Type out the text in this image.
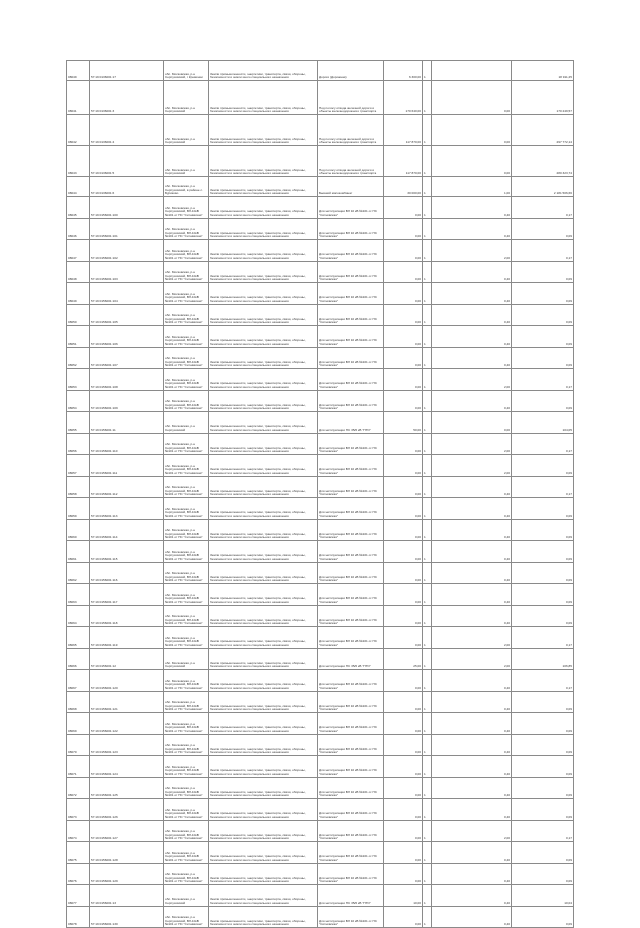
08049	57:19:0136001:17	обл. Московская, р-н Серпуховский, г Кремёнки	Земли промышленности, энергетики, транспорта, связи, обороны, безопасности и земли иного специального назначения	Дороги (Дорожная)	6 300,00	1		18 911,25
08041	57:19:0136001:3	обл. Московская, р-н Серпуховский	Земли промышленности, энергетики, транспорта, связи, обороны, безопасности и земли иного специального назначения	Под полосу отвода железной дороги и объекты железнодорожного транспорта	170 640,00	1	0,00	170 249,57
08042	57:19:0136001:4	обл. Московская, р-н Серпуховский	Земли промышленности, энергетики, транспорта, связи, обороны, безопасности и земли иного специального назначения	Под полосу отвода железной дороги и объекты железнодорожного транспорта	117 870,00	1	0,00	297 772,14
08043	57:19:0136001:5	обл. Московская, р-н Серпуховский	Земли промышленности, энергетики, транспорта, связи, обороны, безопасности и земли иного специального назначения	Под полосу отвода железной дороги и объекты железнодорожного транспорта	117 870,00	1	0,00	280 323,74
08044	57:19:0136001:6	обл. Московская, р-н Серпуховский, в районе с. Буриково	Земли промышленности, энергетики, транспорта, связи, обороны, безопасности и земли иного специального назначения	Бывший мясокомбинат	30 000,00	1	1,00	2 181 506,66
08045	57:19:0156001:100	обл. Московская, р-н Серпуховский, ВЛ-10кВ №101 от ПС "Ситнёвская"	Земли промышленности, энергетики, транспорта, связи, обороны, безопасности и земли иного специального назначения	Для эксплуатации ВЛ 10 кВ №101 от ПС "Ситнёвская"	0,00	1	0,40	0,17
08046	57:19:0156001:101	обл. Московская, р-н Серпуховский, ВЛ-10кВ №101 от ПС "Ситнёвская"	Земли промышленности, энергетики, транспорта, связи, обороны, безопасности и земли иного специального назначения	Для эксплуатации ВЛ 10 кВ №101 от ПС "Ситнёвская"	0,00	1	0,40	0,09
08047	57:19:0156001:102	обл. Московская, р-н Серпуховский, ВЛ-10кВ №101 от ПС "Ситнёвская"	Земли промышленности, энергетики, транспорта, связи, обороны, безопасности и земли иного специального назначения	Для эксплуатации ВЛ 10 кВ №101 от ПС "Ситнёвская"	0,00	1	2,00	0,17
08048	57:19:0156001:103	обл. Московская, р-н Серпуховский, ВЛ-10кВ №101 от ПС "Ситнёвская"	Земли промышленности, энергетики, транспорта, связи, обороны, безопасности и земли иного специального назначения	Для эксплуатации ВЛ 10 кВ №101 от ПС "Ситнёвская"	0,00	1	0,40	0,09
08049	57:19:0156001:104	обл. Московская, р-н Серпуховский, ВЛ-10кВ №101 от ПС "Ситнёвская"	Земли промышленности, энергетики, транспорта, связи, обороны, безопасности и земли иного специального назначения	Для эксплуатации ВЛ 10 кВ №101 от ПС "Ситнёвская"	0,00	1	0,40	0,09
08050	57:19:0156001:105	обл. Московская, р-н Серпуховский, ВЛ-10кВ №101 от ПС "Ситнёвская"	Земли промышленности, энергетики, транспорта, связи, обороны, безопасности и земли иного специального назначения	Для эксплуатации ВЛ 10 кВ №101 от ПС "Ситнёвская"	0,00	1	0,40	0,09
08051	57:19:0156001:106	обл. Московская, р-н Серпуховский, ВЛ-10кВ №101 от ПС "Ситнёвская"	Земли промышленности, энергетики, транспорта, связи, обороны, безопасности и земли иного специального назначения	Для эксплуатации ВЛ 10 кВ №101 от ПС "Ситнёвская"	0,00	1	0,40	0,09
08052	57:19:0156001:107	обл. Московская, р-н Серпуховский, ВЛ-10кВ №101 от ПС "Ситнёвская"	Земли промышленности, энергетики, транспорта, связи, обороны, безопасности и земли иного специального назначения	Для эксплуатации ВЛ 10 кВ №101 от ПС "Ситнёвская"	0,00	1	0,40	0,09
08053	57:19:0156001:108	обл. Московская, р-н Серпуховский, ВЛ-10кВ №101 от ПС "Ситнёвская"	Земли промышленности, энергетики, транспорта, связи, обороны, безопасности и земли иного специального назначения	Для эксплуатации ВЛ 10 кВ №101 от ПС "Ситнёвская"	0,00	1	2,00	0,17
08054	57:19:0156001:109	обл. Московская, р-н Серпуховский, ВЛ-10кВ №101 от ПС "Ситнёвская"	Земли промышленности, энергетики, транспорта, связи, обороны, безопасности и земли иного специального назначения	Для эксплуатации ВЛ 10 кВ №101 от ПС "Ситнёвская"	0,00	1	0,40	0,09
08055	57:19:0156001:11	обл. Московская, р-н Серпуховский	Земли промышленности, энергетики, транспорта, связи, обороны, безопасности и земли иного специального назначения	Для эксплуатации ПС 35/6 кВ "ПТО"	50,00	1	0,00	104,05
08056	57:19:0156001:110	обл. Московская, р-н Серпуховский, ВЛ-10кВ №101 от ПС "Ситнёвская"	Земли промышленности, энергетики, транспорта, связи, обороны, безопасности и земли иного специального назначения	Для эксплуатации ВЛ 10 кВ №101 от ПС "Ситнёвская"	0,00	1	2,00	0,17
08057	57:19:0156001:111	обл. Московская, р-н Серпуховский, ВЛ-10кВ №101 от ПС "Ситнёвская"	Земли промышленности, энергетики, транспорта, связи, обороны, безопасности и земли иного специального назначения	Для эксплуатации ВЛ 10 кВ №101 от ПС "Ситнёвская"	0,00	1	2,00	0,09
08058	57:19:0156001:112	обл. Московская, р-н Серпуховский, ВЛ-10кВ №101 от ПС "Ситнёвская"	Земли промышленности, энергетики, транспорта, связи, обороны, безопасности и земли иного специального назначения	Для эксплуатации ВЛ 10 кВ №101 от ПС "Ситнёвская"	0,00	1	0,40	0,17
08059	57:19:0156001:113	обл. Московская, р-н Серпуховский, ВЛ-10кВ №101 от ПС "Ситнёвская"	Земли промышленности, энергетики, транспорта, связи, обороны, безопасности и земли иного специального назначения	Для эксплуатации ВЛ 10 кВ №101 от ПС "Ситнёвская"	0,00	1	0,40	0,09
08060	57:19:0156001:114	обл. Московская, р-н Серпуховский, ВЛ-10кВ №101 от ПС "Ситнёвская"	Земли промышленности, энергетики, транспорта, связи, обороны, безопасности и земли иного специального назначения	Для эксплуатации ВЛ 10 кВ №101 от ПС "Ситнёвская"	0,00	1	0,40	0,09
08061	57:19:0156001:115	обл. Московская, р-н Серпуховский, ВЛ-10кВ №101 от ПС "Ситнёвская"	Земли промышленности, энергетики, транспорта, связи, обороны, безопасности и земли иного специального назначения	Для эксплуатации ВЛ 10 кВ №101 от ПС "Ситнёвская"	0,00	1	0,40	0,09
08062	57:19:0156001:116	обл. Московская, р-н Серпуховский, ВЛ-10кВ №101 от ПС "Ситнёвская"	Земли промышленности, энергетики, транспорта, связи, обороны, безопасности и земли иного специального назначения	Для эксплуатации ВЛ 10 кВ №101 от ПС "Ситнёвская"	0,00	1	0,40	0,09
08063	57:19:0156001:117	обл. Московская, р-н Серпуховский, ВЛ-10кВ №101 от ПС "Ситнёвская"	Земли промышленности, энергетики, транспорта, связи, обороны, безопасности и земли иного специального назначения	Для эксплуатации ВЛ 10 кВ №101 от ПС "Ситнёвская"	0,00	1	0,40	0,09
08064	57:19:0156001:118	обл. Московская, р-н Серпуховский, ВЛ-10кВ №101 от ПС "Ситнёвская"	Земли промышленности, энергетики, транспорта, связи, обороны, безопасности и земли иного специального назначения	Для эксплуатации ВЛ 10 кВ №101 от ПС "Ситнёвская"	0,00	1	0,40	0,09
08065	57:19:0156001:119	обл. Московская, р-н Серпуховский, ВЛ-10кВ №101 от ПС "Ситнёвская"	Земли промышленности, энергетики, транспорта, связи, обороны, безопасности и земли иного специального назначения	Для эксплуатации ВЛ 10 кВ №101 от ПС "Ситнёвская"	0,00	1	2,00	0,17
08066	57:19:0156001:12	обл. Московская, р-н Серпуховский	Земли промышленности, энергетики, транспорта, связи, обороны, безопасности и земли иного специального назначения	Для эксплуатации ПС 35/6 кВ "ПТО"	25,00	1	2,00	106,85
08067	57:19:0156001:120	обл. Московская, р-н Серпуховский, ВЛ-10кВ №101 от ПС "Ситнёвская"	Земли промышленности, энергетики, транспорта, связи, обороны, безопасности и земли иного специального назначения	Для эксплуатации ВЛ 10 кВ №101 от ПС "Ситнёвская"	0,00	1	0,40	0,17
08068	57:19:0156001:121	обл. Московская, р-н Серпуховский, ВЛ-10кВ №101 от ПС "Ситнёвская"	Земли промышленности, энергетики, транспорта, связи, обороны, безопасности и земли иного специального назначения	Для эксплуатации ВЛ 10 кВ №101 от ПС "Ситнёвская"	0,00	1	0,40	0,09
08069	57:19:0156001:122	обл. Московская, р-н Серпуховский, ВЛ-10кВ №101 от ПС "Ситнёвская"	Земли промышленности, энергетики, транспорта, связи, обороны, безопасности и земли иного специального назначения	Для эксплуатации ВЛ 10 кВ №101 от ПС "Ситнёвская"	0,00	1	0,40	0,09
08070	57:19:0156001:123	обл. Московская, р-н Серпуховский, ВЛ-10кВ №101 от ПС "Ситнёвская"	Земли промышленности, энергетики, транспорта, связи, обороны, безопасности и земли иного специального назначения	Для эксплуатации ВЛ 10 кВ №101 от ПС "Ситнёвская"	0,00	1	0,40	0,09
08071	57:19:0156001:124	обл. Московская, р-н Серпуховский, ВЛ-10кВ №101 от ПС "Ситнёвская"	Земли промышленности, энергетики, транспорта, связи, обороны, безопасности и земли иного специального назначения	Для эксплуатации ВЛ 10 кВ №101 от ПС "Ситнёвская"	0,00	1	0,40	0,09
08072	57:19:0156001:125	обл. Московская, р-н Серпуховский, ВЛ-10кВ №101 от ПС "Ситнёвская"	Земли промышленности, энергетики, транспорта, связи, обороны, безопасности и земли иного специального назначения	Для эксплуатации ВЛ 10 кВ №101 от ПС "Ситнёвская"	0,00	1	0,40	0,09
08073	57:19:0156001:126	обл. Московская, р-н Серпуховский, ВЛ-10кВ №101 от ПС "Ситнёвская"	Земли промышленности, энергетики, транспорта, связи, обороны, безопасности и земли иного специального назначения	Для эксплуатации ВЛ 10 кВ №101 от ПС "Ситнёвская"	0,00	1	0,40	0,09
08074	57:19:0156001:127	обл. Московская, р-н Серпуховский, ВЛ-10кВ №101 от ПС "Ситнёвская"	Земли промышленности, энергетики, транспорта, связи, обороны, безопасности и земли иного специального назначения	Для эксплуатации ВЛ 10 кВ №101 от ПС "Ситнёвская"	0,00	1	2,00	0,17
08075	57:19:0156001:128	обл. Московская, р-н Серпуховский, ВЛ-10кВ №101 от ПС "Ситнёвская"	Земли промышленности, энергетики, транспорта, связи, обороны, безопасности и земли иного специального назначения	Для эксплуатации ВЛ 10 кВ №101 от ПС "Ситнёвская"	0,00	1	0,40	0,09
08076	57:19:0156001:129	обл. Московская, р-н Серпуховский, ВЛ-10кВ №101 от ПС "Ситнёвская"	Земли промышленности, энергетики, транспорта, связи, обороны, безопасности и земли иного специального назначения	Для эксплуатации ВЛ 10 кВ №101 от ПС "Ситнёвская"	0,00	1	0,40	0,09
08077	57:19:0156001:13	обл. Московская, р-н Серпуховский	Земли промышленности, энергетики, транспорта, связи, обороны, безопасности и земли иного специального назначения	Для эксплуатации ПС 35/6 кВ "ПТО"	10,00	1	0,40	10,04
08078	57:19:0156001:130	обл. Московская, р-н Серпуховский, ВЛ-10кВ №101 от ПС "Ситнёвская"	Земли промышленности, энергетики, транспорта, связи, обороны, безопасности и земли иного специального назначения	Для эксплуатации ВЛ 10 кВ №101 от ПС "Ситнёвская"	0,00	1	0,40	0,09
